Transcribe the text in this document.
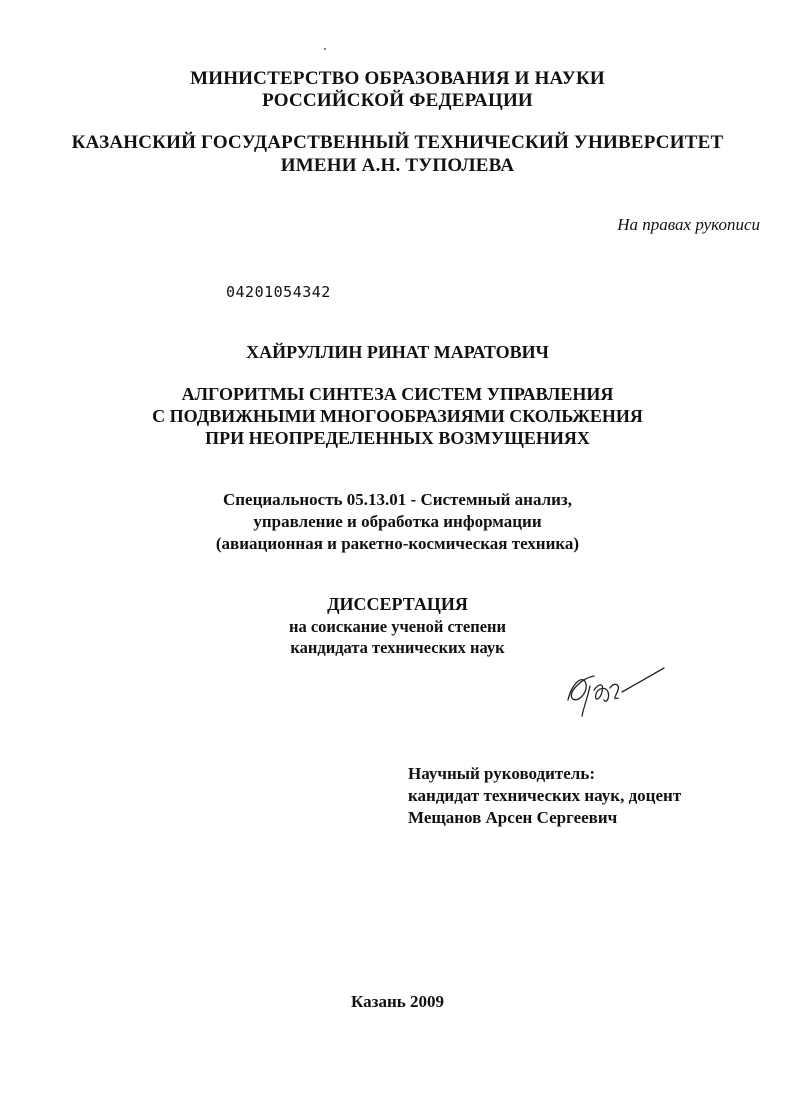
МИНИСТЕРСТВО ОБРАЗОВАНИЯ И НАУКИ
РОССИЙСКОЙ ФЕДЕРАЦИИ
КАЗАНСКИЙ ГОСУДАРСТВЕННЫЙ ТЕХНИЧЕСКИЙ УНИВЕРСИТЕТ
ИМЕНИ А.Н. ТУПОЛЕВА
На правах рукописи
04201054342
ХАЙРУЛЛИН РИНАТ МАРАТОВИЧ
АЛГОРИТМЫ СИНТЕЗА СИСТЕМ УПРАВЛЕНИЯ
С ПОДВИЖНЫМИ МНОГООБРАЗИЯМИ СКОЛЬЖЕНИЯ
ПРИ НЕОПРЕДЕЛЕННЫХ ВОЗМУЩЕНИЯХ
Специальность 05.13.01 - Системный анализ,
управление и обработка информации
(авиационная и ракетно-космическая техника)
ДИССЕРТАЦИЯ
на соискание ученой степени
кандидата технических наук
Научный руководитель:
кандидат технических наук, доцент
Мещанов Арсен Сергеевич
Казань 2009
